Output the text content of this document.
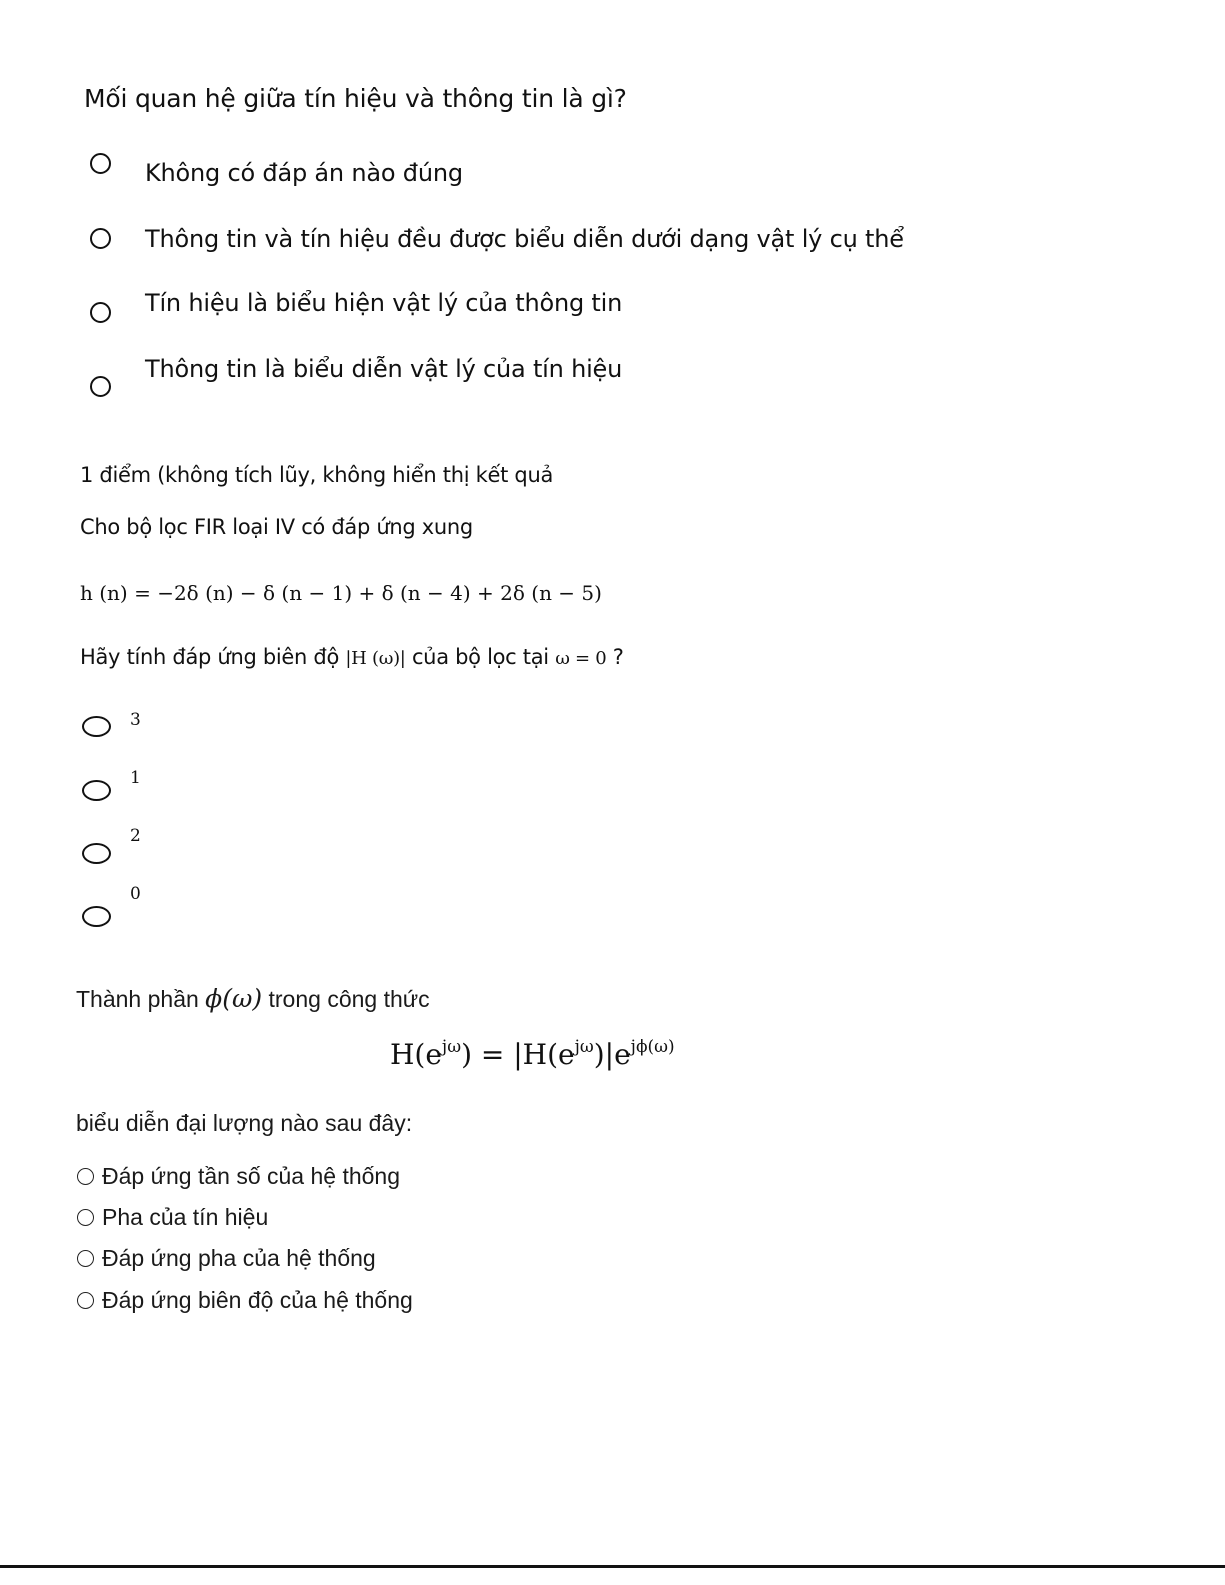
Mối quan hệ giữa tín hiệu và thông tin là gì?
Không có đáp án nào đúng
Thông tin và tín hiệu đều được biểu diễn dưới dạng vật lý cụ thể
Tín hiệu là biểu hiện vật lý của thông tin
Thông tin là biểu diễn vật lý của tín hiệu
1 điểm (không tích lũy, không hiển thị kết quả
Cho bộ lọc FIR loại IV có đáp ứng xung
h (n) = −2δ (n) − δ (n − 1) + δ (n − 4) + 2δ (n − 5)
Hãy tính đáp ứng biên độ |H (ω)| của bộ lọc tại ω = 0 ?
3
1
2
0
Thành phần ϕ(ω) trong công thức
$H(e^{j\omega}) = |H(e^{j\omega})|e^{j\phi(\omega)}$
biểu diễn đại lượng nào sau đây:
Đáp ứng tần số của hệ thống
Pha của tín hiệu
Đáp ứng pha của hệ thống
Đáp ứng biên độ của hệ thống
